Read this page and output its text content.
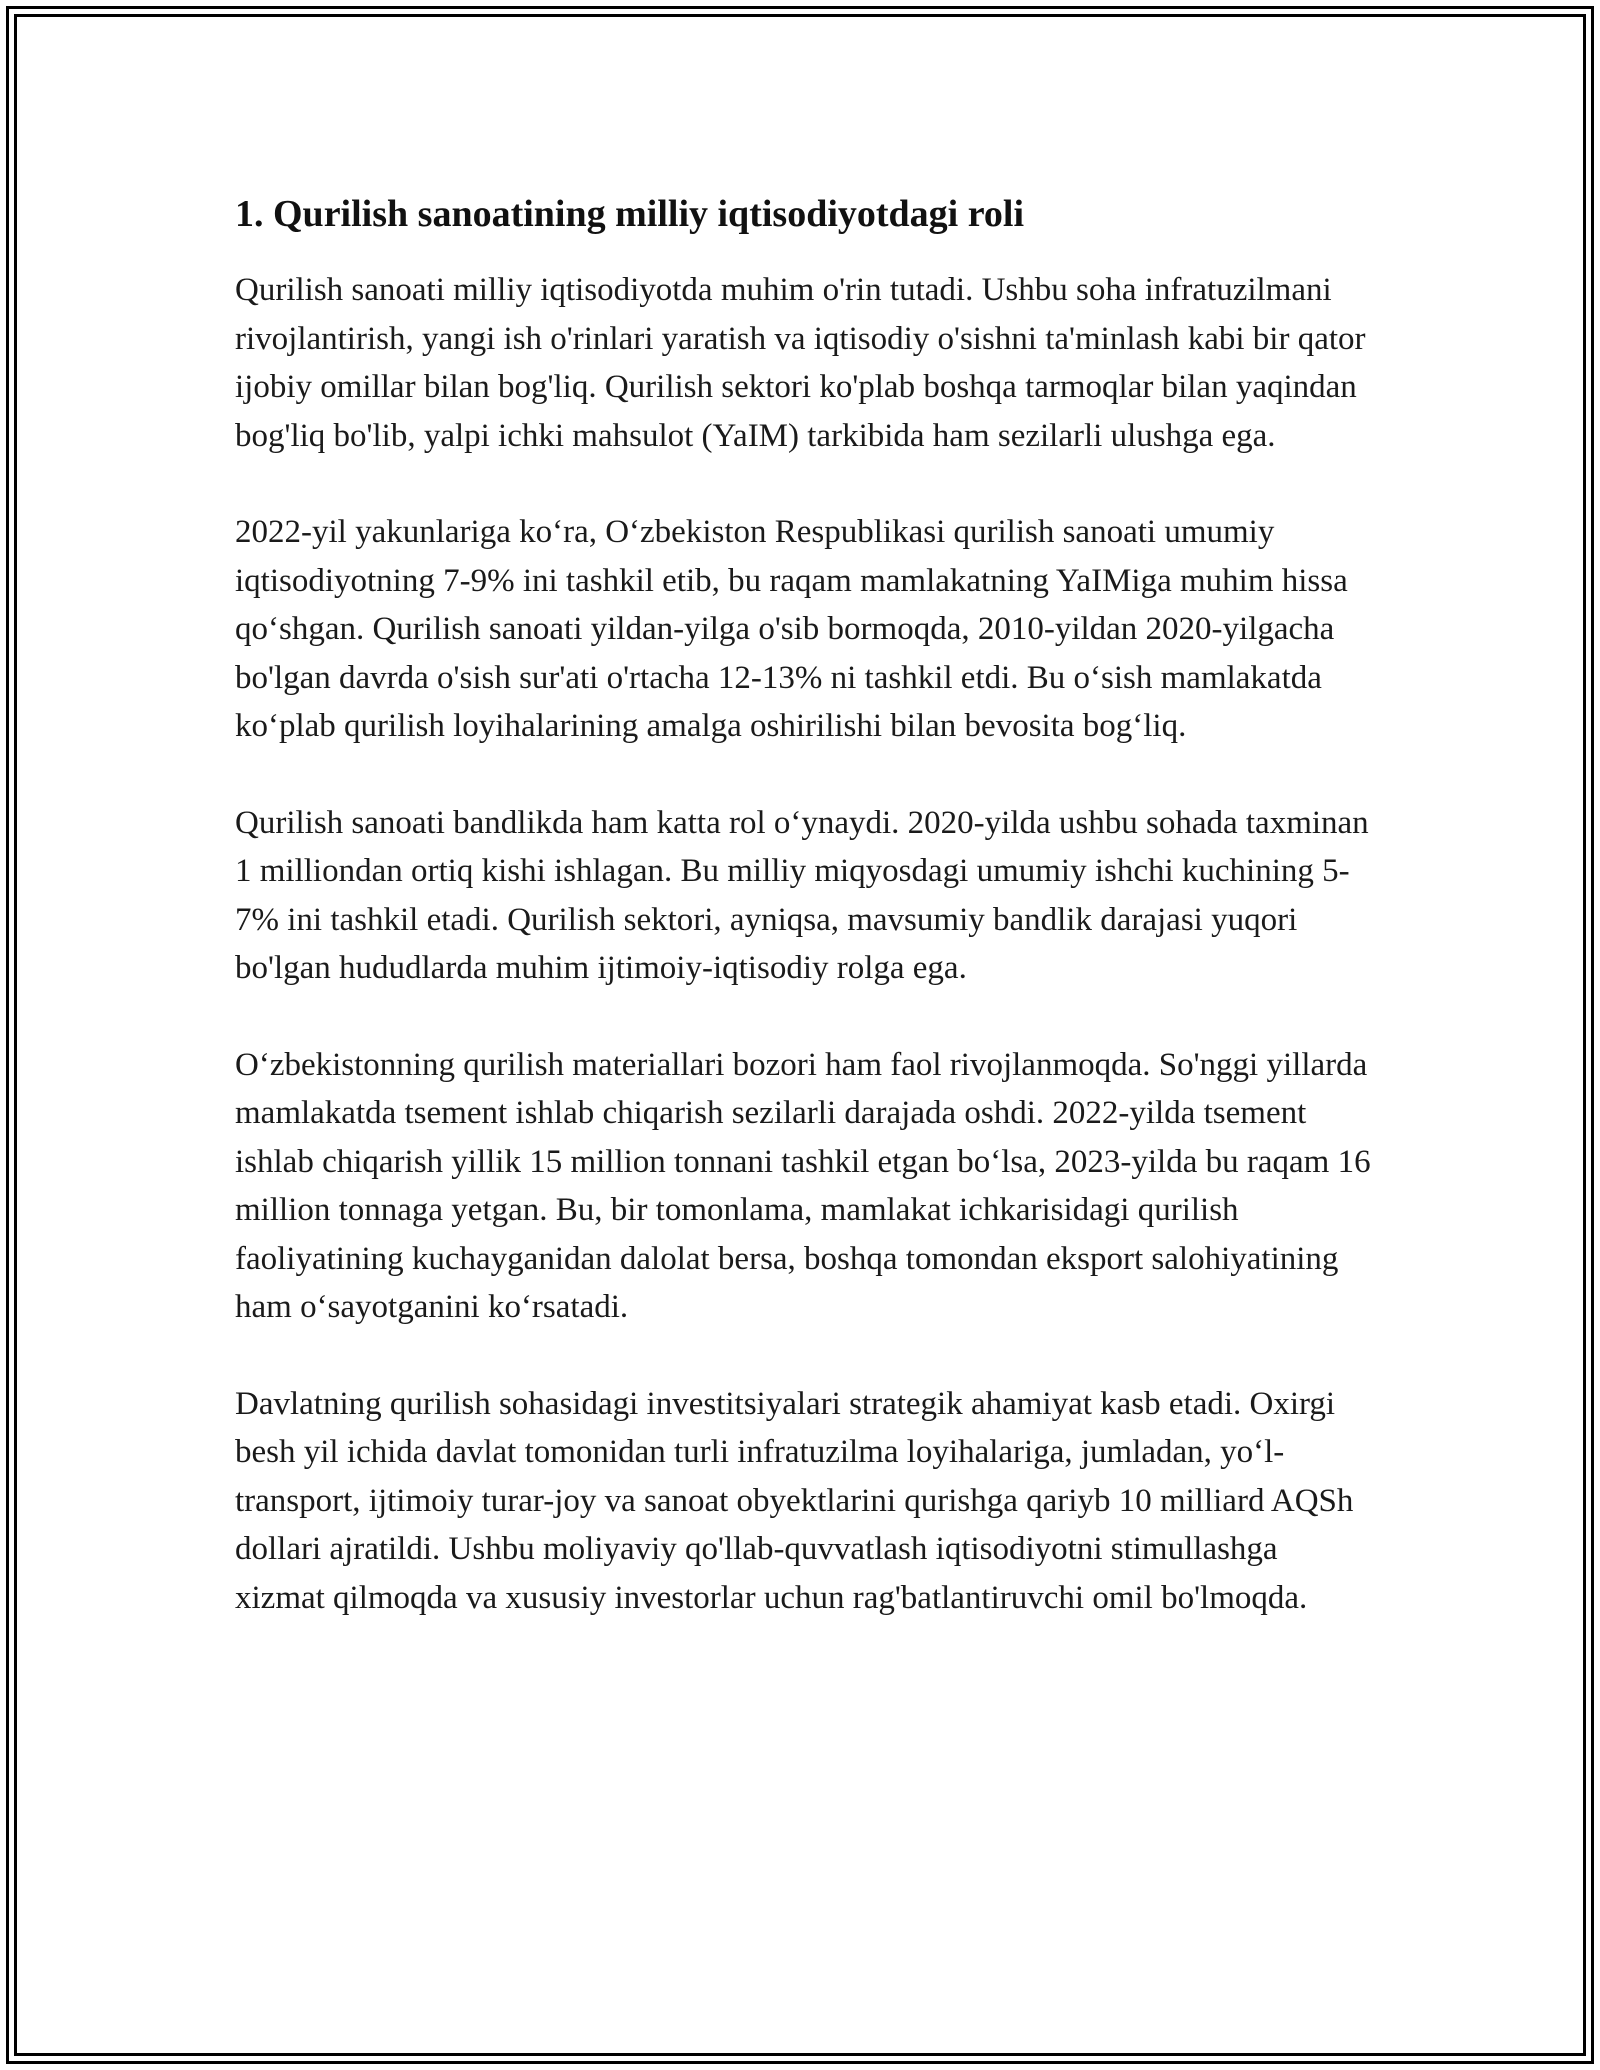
1. Qurilish sanoatining milliy iqtisodiyotdagi roli

Qurilish sanoati milliy iqtisodiyotda muhim o'rin tutadi. Ushbu soha infratuzilmani rivojlantirish, yangi ish o'rinlari yaratish va iqtisodiy o'sishni ta'minlash kabi bir qator ijobiy omillar bilan bog'liq. Qurilish sektori ko'plab boshqa tarmoqlar bilan yaqindan bog'liq bo'lib, yalpi ichki mahsulot (YaIM) tarkibida ham sezilarli ulushga ega.

2022-yil yakunlariga ko‘ra, O‘zbekiston Respublikasi qurilish sanoati umumiy iqtisodiyotning 7-9% ini tashkil etib, bu raqam mamlakatning YaIMiga muhim hissa qo‘shgan. Qurilish sanoati yildan-yilga o'sib bormoqda, 2010-yildan 2020-yilgacha bo'lgan davrda o'sish sur'ati o'rtacha 12-13% ni tashkil etdi. Bu o‘sish mamlakatda ko‘plab qurilish loyihalarining amalga oshirilishi bilan bevosita bog‘liq.

Qurilish sanoati bandlikda ham katta rol o‘ynaydi. 2020-yilda ushbu sohada taxminan 1 milliondan ortiq kishi ishlagan. Bu milliy miqyosdagi umumiy ishchi kuchining 5-7% ini tashkil etadi. Qurilish sektori, ayniqsa, mavsumiy bandlik darajasi yuqori bo'lgan hududlarda muhim ijtimoiy-iqtisodiy rolga ega.

O‘zbekistonning qurilish materiallari bozori ham faol rivojlanmoqda. So'nggi yillarda mamlakatda tsement ishlab chiqarish sezilarli darajada oshdi. 2022-yilda tsement ishlab chiqarish yillik 15 million tonnani tashkil etgan bo‘lsa, 2023-yilda bu raqam 16 million tonnaga yetgan. Bu, bir tomonlama, mamlakat ichkarisidagi qurilish faoliyatining kuchayganidan dalolat bersa, boshqa tomondan eksport salohiyatining ham o‘sayotganini ko‘rsatadi.

Davlatning qurilish sohasidagi investitsiyalari strategik ahamiyat kasb etadi. Oxirgi besh yil ichida davlat tomonidan turli infratuzilma loyihalariga, jumladan, yo‘l-transport, ijtimoiy turar-joy va sanoat obyektlarini qurishga qariyb 10 milliard AQSh dollari ajratildi. Ushbu moliyaviy qo'llab-quvvatlash iqtisodiyotni stimullashga xizmat qilmoqda va xususiy investorlar uchun rag'batlantiruvchi omil bo'lmoqda.
